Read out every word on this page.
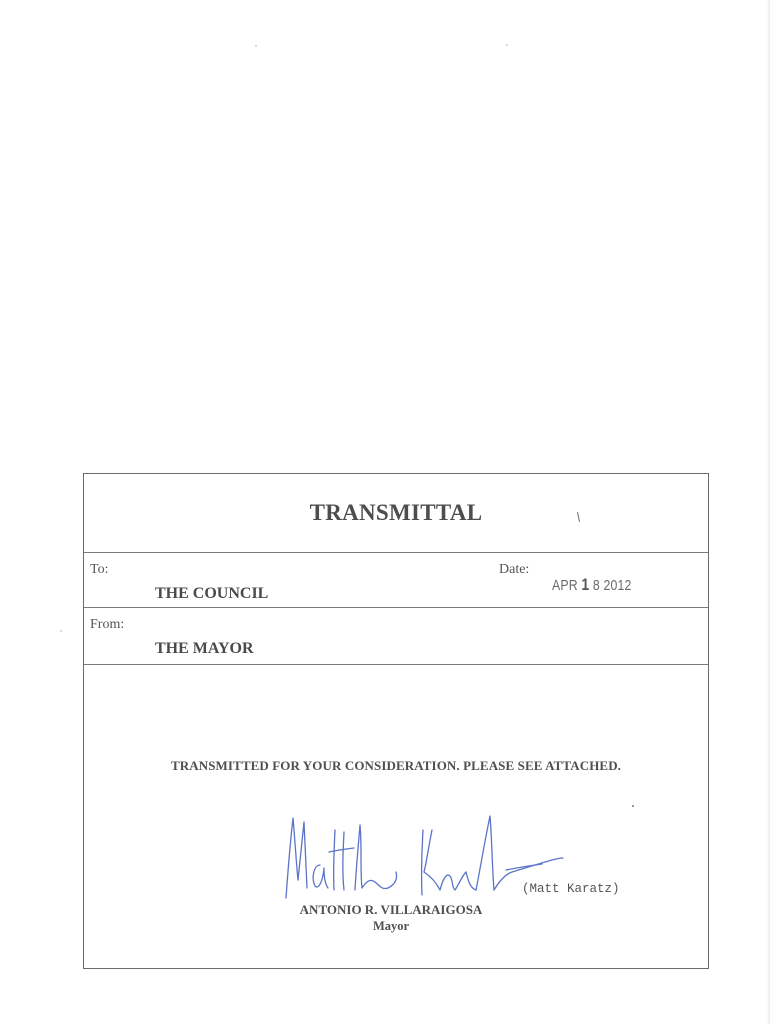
TRANSMITTAL
To:
THE COUNCIL
Date:
APR 1 8 2012
From:
THE MAYOR
TRANSMITTED FOR YOUR CONSIDERATION. PLEASE SEE ATTACHED.
(Matt Karatz)
ANTONIO R. VILLARAIGOSA
Mayor
